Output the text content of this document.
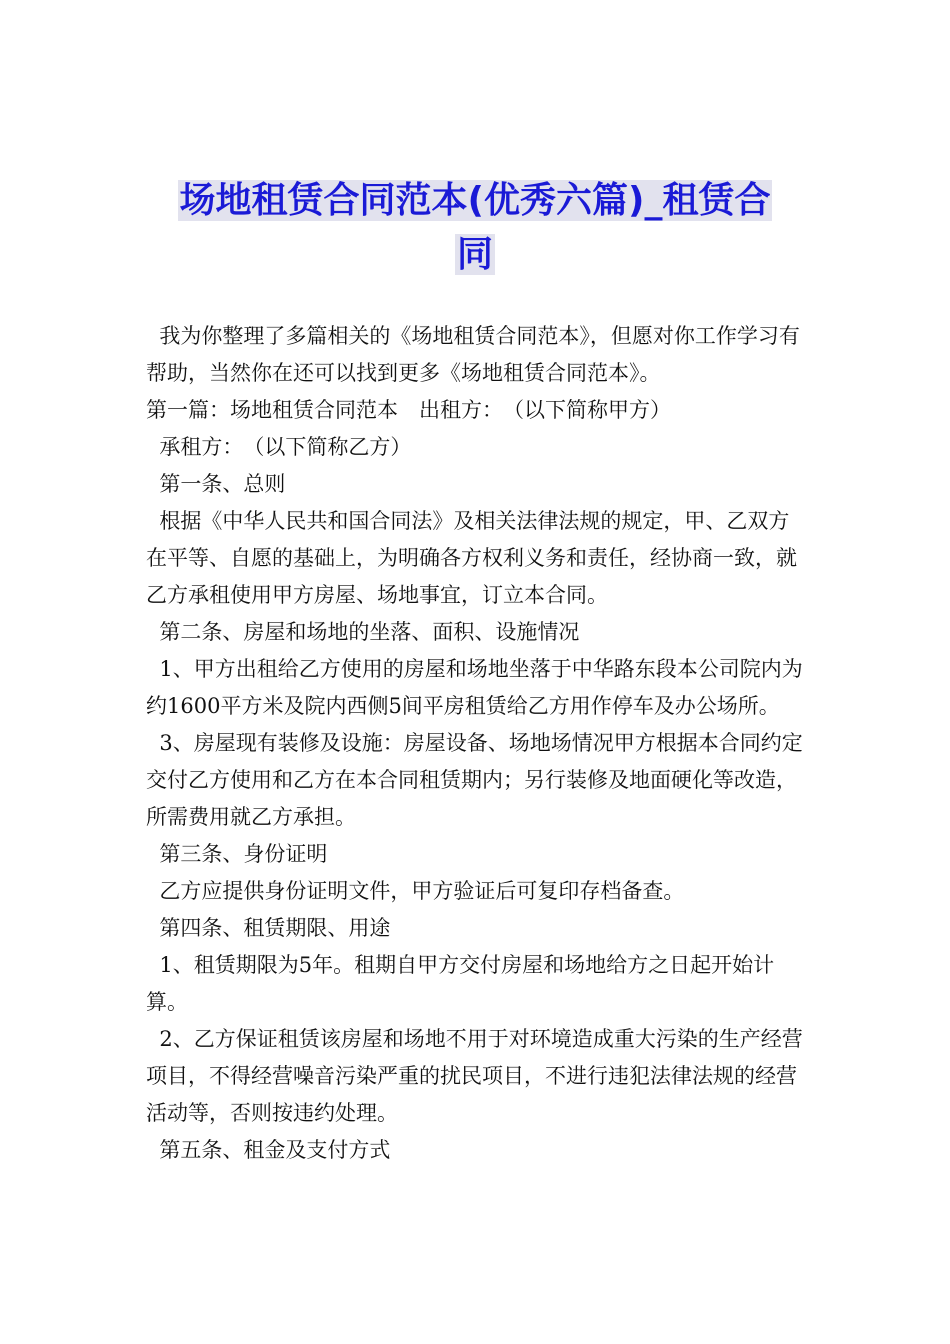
场地租赁合同范本(优秀六篇)_租赁合
同

我为你整理了多篇相关的《场地租赁合同范本》，但愿对你工作学习有帮助，当然你在还可以找到更多《场地租赁合同范本》。

第一篇：场地租赁合同范本　出租方：　（以下简称甲方）

承租方：　（以下简称乙方）

第一条、总则

根据《中华人民共和国合同法》及相关法律法规的规定，甲、乙双方在平等、自愿的基础上，为明确各方权利义务和责任，经协商一致，就乙方承租使用甲方房屋、场地事宜，订立本合同。

第二条、房屋和场地的坐落、面积、设施情况

1、甲方出租给乙方使用的房屋和场地坐落于中华路东段本公司院内为约1600平方米及院内西侧5间平房租赁给乙方用作停车及办公场所。

3、房屋现有装修及设施：房屋设备、场地场情况甲方根据本合同约定交付乙方使用和乙方在本合同租赁期内；另行装修及地面硬化等改造，所需费用就乙方承担。

第三条、身份证明

乙方应提供身份证明文件，甲方验证后可复印存档备查。

第四条、租赁期限、用途

1、租赁期限为5年。租期自甲方交付房屋和场地给方之日起开始计算。

2、乙方保证租赁该房屋和场地不用于对环境造成重大污染的生产经营项目，不得经营噪音污染严重的扰民项目，不进行违犯法律法规的经营活动等，否则按违约处理。

第五条、租金及支付方式
